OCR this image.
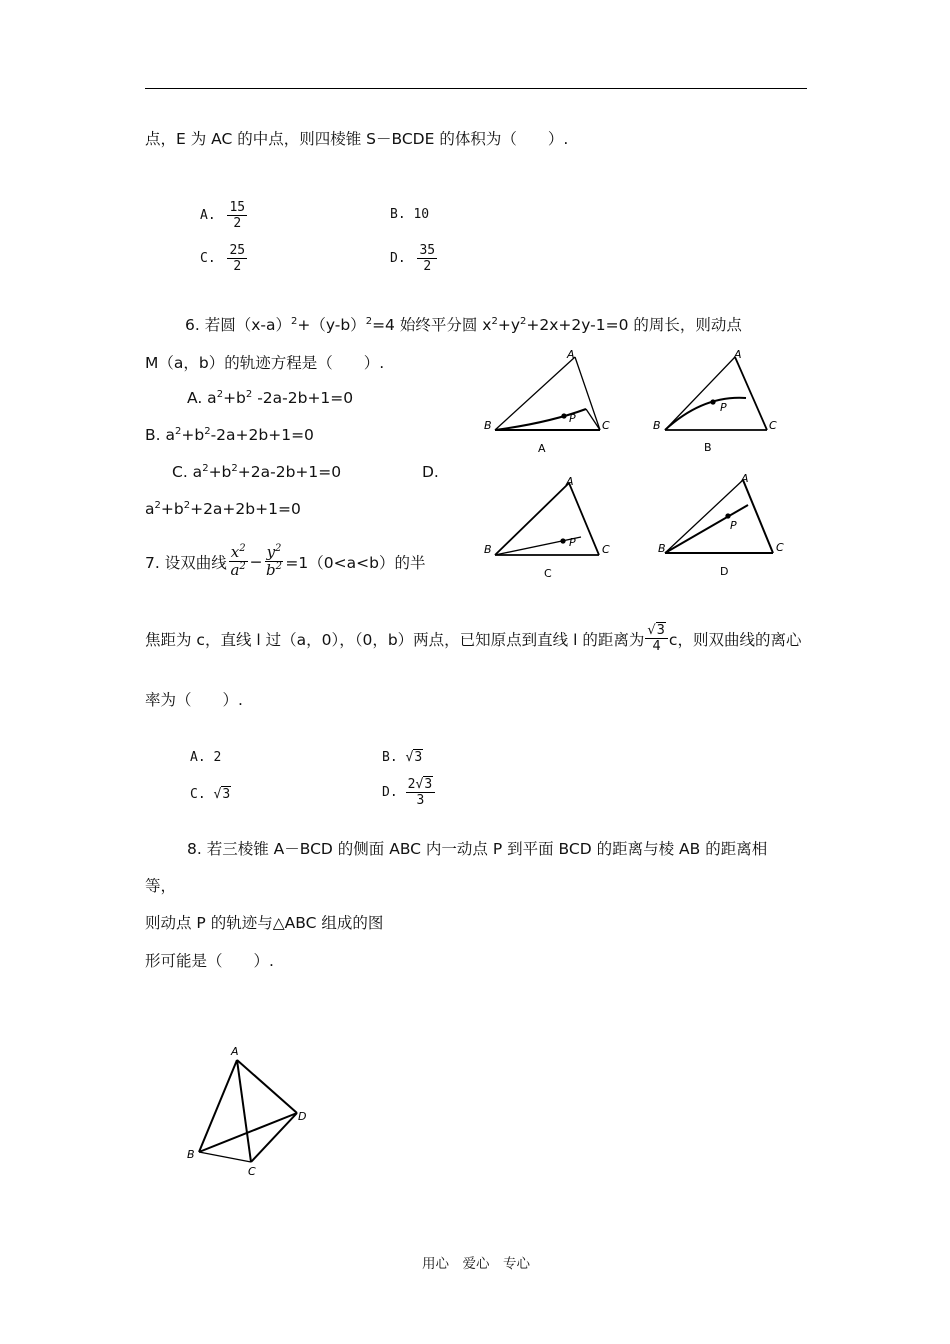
点，E 为 AC 的中点，则四棱锥 S－BCDE 的体积为（　　）.
A. $\frac{15}{2}$	B. 10
C. $\frac{25}{2}$	D. $\frac{35}{2}$
6. 若圆$(x-a)^2+(y-b)^2=4$ 始终平分圆 $x^2+y^2+2x+2y-1=0$ 的周长，则动点
M（a，b）的轨迹方程是（　　）.
A. $a^2+b^2$ -2a-2b+1=0
B. $a^2+b^2-2a+2b+1=0$
C. $a^2+b^2+2a-2b+1=0$	D.
$a^2+b^2+2a+2b+1=0$
A
B	C
P
A
A
B	C
P
B
A
B	C
P
C
A
B	C
P
D
7. 设双曲线 $\frac{x^2}{a^2} - \frac{y^2}{b^2} =1(0<a<b)$的半
焦距为 c，直线 l 过（a，0），（0，b）两点，已知原点到直线 l 的距离为 $\frac{√3}{4}$ c，则双曲线的离心
率为（　　）.
A. 2	B. √3
C. √3	D. $\frac{2√3}{3}$
8. 若三棱锥 A－BCD 的侧面 ABC 内一动点 P 到平面 BCD 的距离与棱 AB 的距离相
等，
则动点 P 的轨迹与△ABC 组成的图
形可能是（　　）.
A
B
C
D
用心　爱心　专心
